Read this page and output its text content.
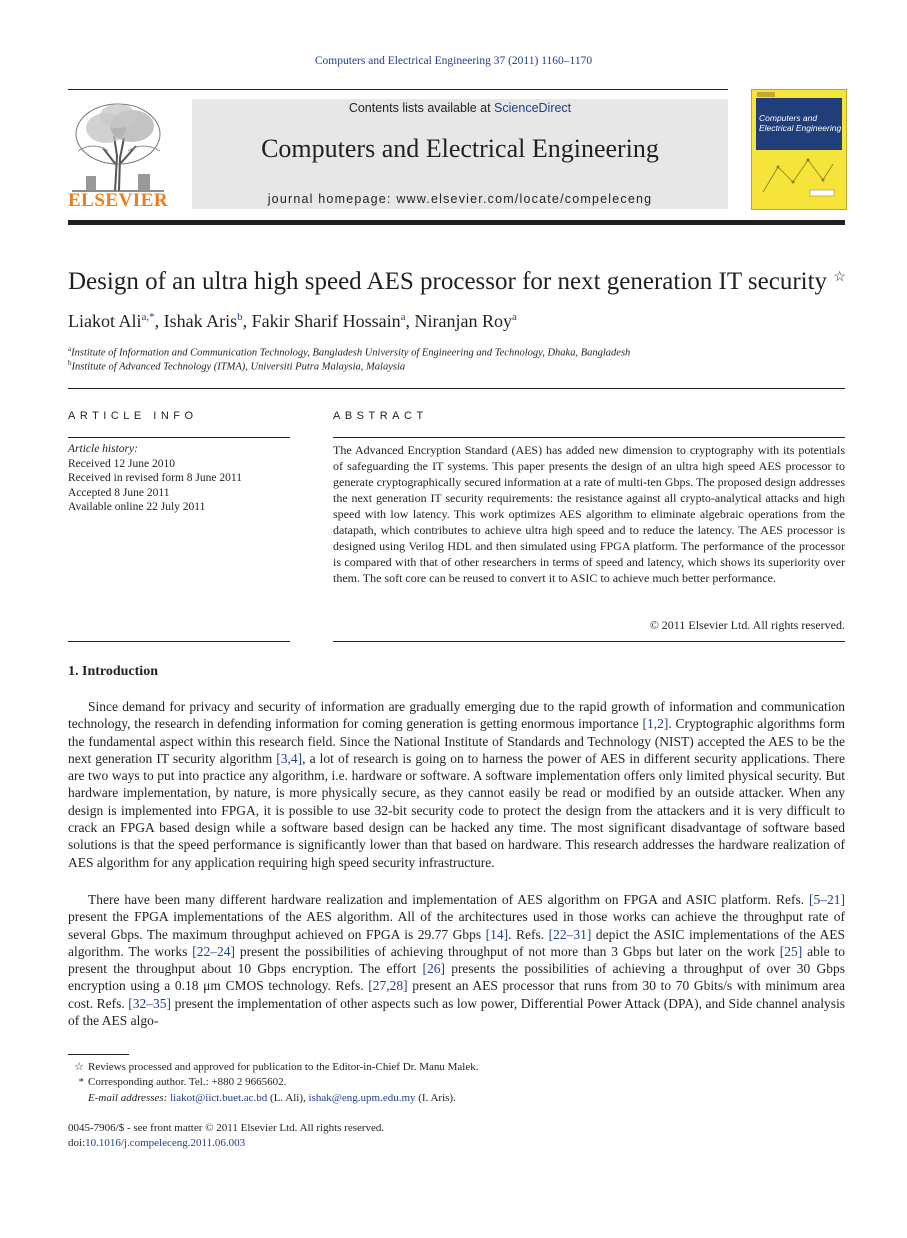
Computers and Electrical Engineering 37 (2011) 1160–1170
ELSEVIER
Contents lists available at ScienceDirect
Computers and Electrical Engineering
journal homepage: www.elsevier.com/locate/compeleceng
Computers and
Electrical Engineering
Design of an ultra high speed AES processor for next generation IT security ☆
Liakot Ali$^{a,*}$, Ishak Aris$^b$, Fakir Sharif Hossain$^a$, Niranjan Roy$^a$
$^a$Institute of Information and Communication Technology, Bangladesh University of Engineering and Technology, Dhaka, Bangladesh
$^b$Institute of Advanced Technology (ITMA), Universiti Putra Malaysia, Malaysia
ARTICLE INFO
Article history:
Received 12 June 2010
Received in revised form 8 June 2011
Accepted 8 June 2011
Available online 22 July 2011
ABSTRACT
The Advanced Encryption Standard (AES) has added new dimension to cryptography with its potentials of safeguarding the IT systems. This paper presents the design of an ultra high speed AES processor to generate cryptographically secured information at a rate of multi-ten Gbps. The proposed design addresses the next generation IT security requirements: the resistance against all crypto-analytical attacks and high speed with low latency. This work optimizes AES algorithm to eliminate algebraic operations from the datapath, which contributes to achieve ultra high speed and to reduce the latency. The AES processor is designed using Verilog HDL and then simulated using FPGA platform. The performance of the processor is compared with that of other researchers in terms of speed and latency, which shows its superiority over them. The soft core can be reused to convert it to ASIC to achieve much better performance.
© 2011 Elsevier Ltd. All rights reserved.
1. Introduction

Since demand for privacy and security of information are gradually emerging due to the rapid growth of information and communication technology, the research in defending information for coming generation is getting enormous importance [1,2]. Cryptographic algorithms form the fundamental aspect within this research field. Since the National Institute of Standards and Technology (NIST) accepted the AES to be the next generation IT security algorithm [3,4], a lot of research is going on to harness the power of AES in different security applications. There are two ways to put into practice any algorithm, i.e. hardware or software. A software implementation offers only limited physical security. But hardware implementation, by nature, is more physically secure, as they cannot easily be read or modified by an outside attacker. When any design is implemented into FPGA, it is possible to use 32-bit security code to protect the design from the attackers and it is very difficult to crack an FPGA based design while a software based design can be hacked any time. The most significant disadvantage of software based solutions is that the speed performance is significantly lower than that based on hardware. This research addresses the hardware realization of AES algorithm for any application requiring high speed security infrastructure.

There have been many different hardware realization and implementation of AES algorithm on FPGA and ASIC platform. Refs. [5–21] present the FPGA implementations of the AES algorithm. All of the architectures used in those works can achieve the throughput rate of several Gbps. The maximum throughput achieved on FPGA is 29.77 Gbps [14]. Refs. [22–31] depict the ASIC implementations of the AES algorithm. The works [22–24] present the possibilities of achieving throughput of not more than 3 Gbps but later on the work [25] able to present the throughput about 10 Gbps encryption. The effort [26] presents the possibilities of achieving a throughput of over 30 Gbps encryption using a 0.18 μm CMOS technology. Refs. [27,28] present an AES processor that runs from 30 to 70 Gbits/s with minimum area cost. Refs. [32–35] present the implementation of other aspects such as low power, Differential Power Attack (DPA), and Side channel analysis of the AES algo-

☆ Reviews processed and approved for publication to the Editor-in-Chief Dr. Manu Malek.
* Corresponding author. Tel.: +880 2 9665602.
E-mail addresses: liakot@iict.buet.ac.bd (L. Ali), ishak@eng.upm.edu.my (I. Aris).
0045-7906/$ - see front matter © 2011 Elsevier Ltd. All rights reserved.
doi:10.1016/j.compeleceng.2011.06.003
